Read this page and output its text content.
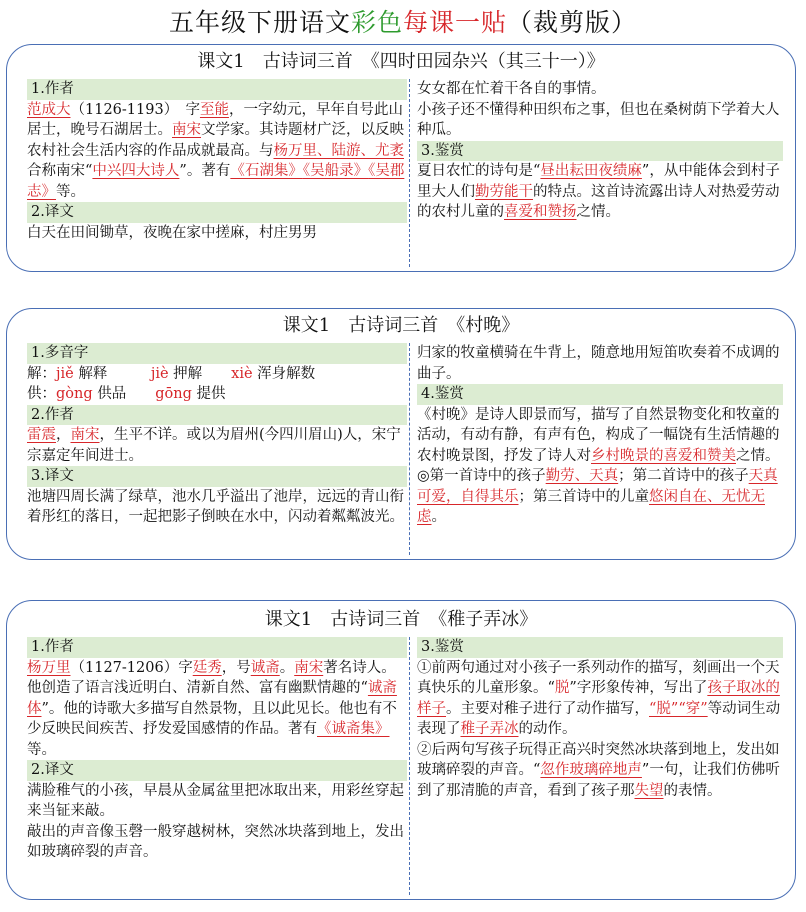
五年级下册语文彩色每课一贴（裁剪版）
课文1　古诗词三首　《四时田园杂兴（其三十一）》

1.作者

范成大（1126-1193）　字至能，一字幼元，早年自号此山居士，晚号石湖居士。南宋文学家。其诗题材广泛，以反映农村社会生活内容的作品成就最高。与杨万里、陆游、尤袤合称南宋“中兴四大诗人”。著有《石湖集》《吴船录》《吴郡志》等。

2.译文

白天在田间锄草，夜晚在家中搓麻，村庄男男

女女都在忙着干各自的事情。

小孩子还不懂得种田织布之事，但也在桑树荫下学着大人种瓜。

3.鉴赏

夏日农忙的诗句是“昼出耘田夜绩麻”，从中能体会到村子里大人们勤劳能干的特点。这首诗流露出诗人对热爱劳动的农村儿童的喜爱和赞扬之情。

课文1　古诗词三首　《村晚》

1.多音字

解：jiě 解释　　　	jiè 押解　　 xiè 浑身解数

供：gòng 供品　　 gōng 提供

2.作者

雷震，南宋，生平不详。或以为眉州(今四川眉山)人，宋宁宗嘉定年间进士。

3.译文

池塘四周长满了绿草，池水几乎溢出了池岸，远远的青山衔着彤红的落日，一起把影子倒映在水中，闪动着粼粼波光。

归家的牧童横骑在牛背上，随意地用短笛吹奏着不成调的曲子。

4.鉴赏

《村晚》是诗人即景而写，描写了自然景物变化和牧童的活动，有动有静，有声有色，构成了一幅饶有生活情趣的农村晚景图，抒发了诗人对乡村晚景的喜爱和赞美之情。

◎第一首诗中的孩子勤劳、天真；第二首诗中的孩子天真可爱，自得其乐；第三首诗中的儿童悠闲自在、无忧无虑。

课文1　古诗词三首　《稚子弄冰》

1.作者

杨万里（1127-1206）字廷秀，号诚斋。南宋著名诗人。他创造了语言浅近明白、清新自然、富有幽默情趣的“诚斋体”。他的诗歌大多描写自然景物，且以此见长。他也有不少反映民间疾苦、抒发爱国感情的作品。著有《诚斋集》等。

2.译文

满脸稚气的小孩，早晨从金属盆里把冰取出来，用彩丝穿起来当钲来敲。

敲出的声音像玉磬一般穿越树林，突然冰块落到地上，发出如玻璃碎裂的声音。

3.鉴赏

①前两句通过对小孩子一系列动作的描写，刻画出一个天真快乐的儿童形象。“脱”字形象传神，写出了孩子取冰的样子。主要对稚子进行了动作描写，“脱”“穿”等动词生动表现了稚子弄冰的动作。

②后两句写孩子玩得正高兴时突然冰块落到地上，发出如玻璃碎裂的声音。“忽作玻璃碎地声”一句，让我们仿佛听到了那清脆的声音，看到了孩子那失望的表情。
